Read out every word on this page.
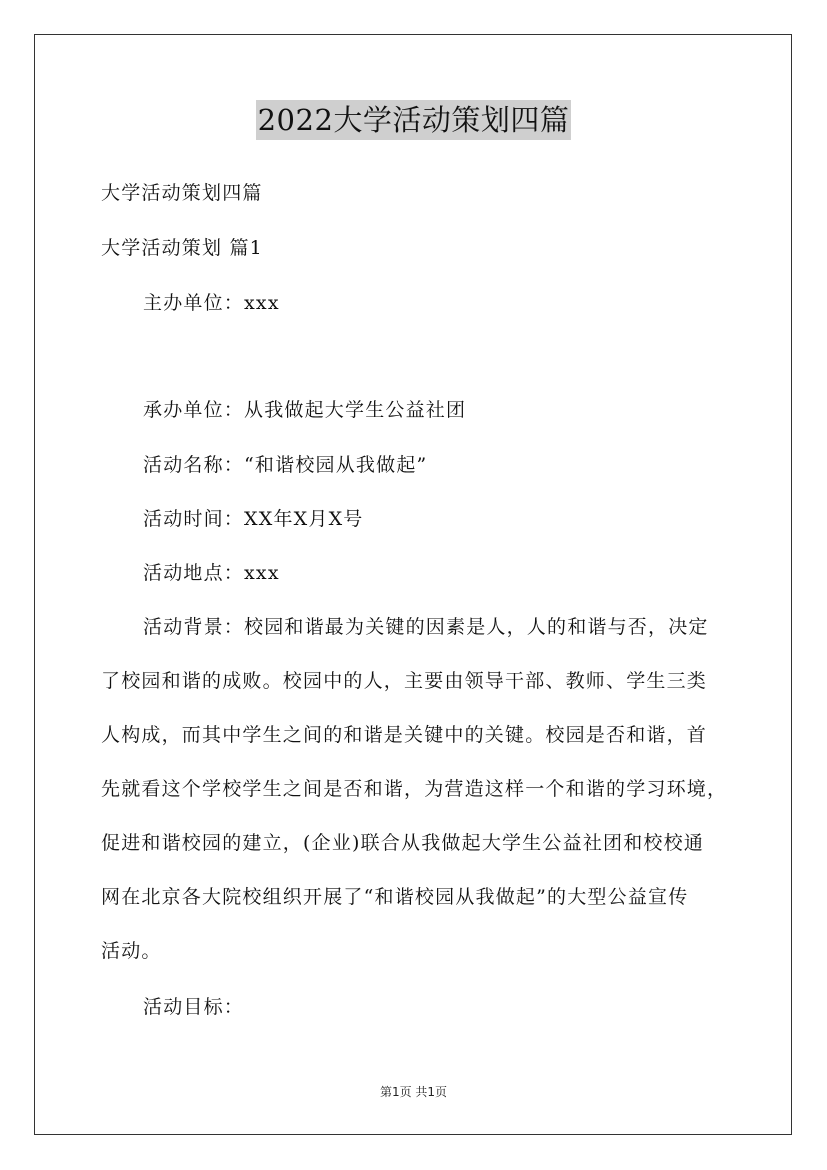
2022大学活动策划四篇
大学活动策划四篇
大学活动策划 篇1
主办单位：xxx
承办单位：从我做起大学生公益社团
活动名称：“和谐校园从我做起”
活动时间：XX年X月X号
活动地点：xxx
活动背景：校园和谐最为关键的因素是人，人的和谐与否，决定
了校园和谐的成败。校园中的人，主要由领导干部、教师、学生三类
人构成，而其中学生之间的和谐是关键中的关键。校园是否和谐，首
先就看这个学校学生之间是否和谐，为营造这样一个和谐的学习环境，
促进和谐校园的建立，(企业)联合从我做起大学生公益社团和校校通
网在北京各大院校组织开展了“和谐校园从我做起”的大型公益宣传
活动。
活动目标：
第1页 共1页
